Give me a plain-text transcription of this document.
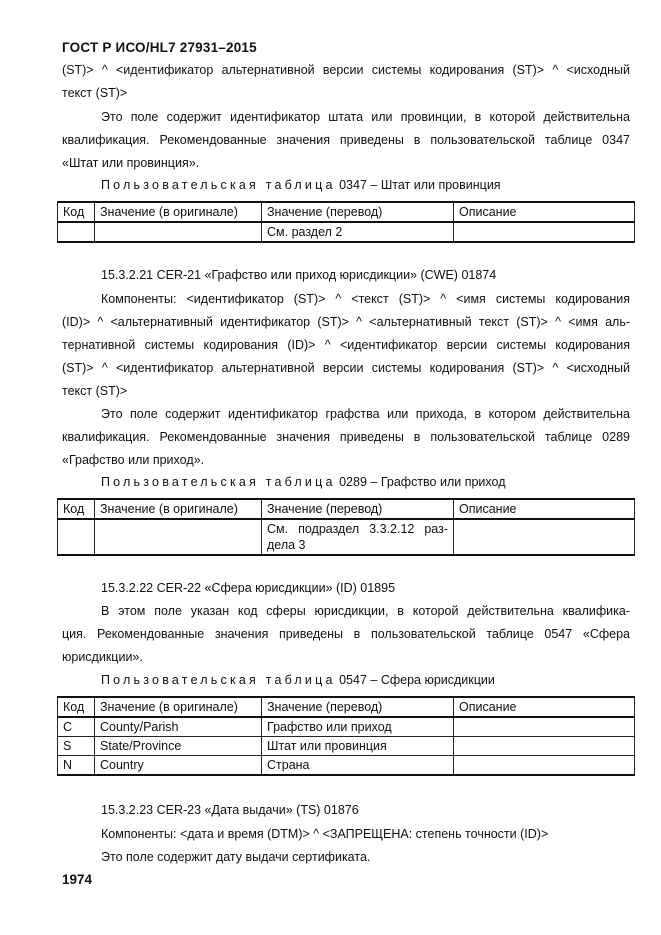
ГОСТ Р ИСО/HL7 27931–2015
(ST)> ^ <идентификатор альтернативной версии системы кодирования (ST)> ^ <исходный
текст (ST)>
Это поле содержит идентификатор штата или провинции, в которой действительна
квалификация. Рекомендованные значения приведены в пользовательской таблице 0347
«Штат или провинция».
Пользовательская таблица 0347 – Штат или провинция
Код	Значение (в оригинале)	Значение (перевод)	Описание
		См. раздел 2	
15.3.2.21 CER-21 «Графство или приход юрисдикции» (CWE) 01874
Компоненты: <идентификатор (ST)> ^ <текст (ST)> ^ <имя системы кодирования
(ID)> ^ <альтернативный идентификатор (ST)> ^ <альтернативный текст (ST)> ^ <имя аль-
тернативной системы кодирования (ID)> ^ <идентификатор версии системы кодирования
(ST)> ^ <идентификатор альтернативной версии системы кодирования (ST)> ^ <исходный
текст (ST)>
Это поле содержит идентификатор графства или прихода, в котором действительна
квалификация. Рекомендованные значения приведены в пользовательской таблице 0289
«Графство или приход».
Пользовательская таблица 0289 – Графство или приход
Код	Значение (в оригинале)	Значение (перевод)	Описание

		См. подраздел 3.3.2.12 раз-
дела 3	

15.3.2.22 CER-22 «Сфера юрисдикции» (ID) 01895
В этом поле указан код сферы юрисдикции, в которой действительна квалифика-
ция. Рекомендованные значения приведены в пользовательской таблице 0547 «Сфера
юрисдикции».
Пользовательская таблица 0547 – Сфера юрисдикции
Код	Значение (в оригинале)	Значение (перевод)	Описание
C	County/Parish	Графство или приход	
S	State/Province	Штат или провинция	
N	Country	Страна	
15.3.2.23 CER-23 «Дата выдачи» (TS) 01876
Компоненты: <дата и время (DTM)> ^ <ЗАПРЕЩЕНА: степень точности (ID)>
Это поле содержит дату выдачи сертификата.
1974
